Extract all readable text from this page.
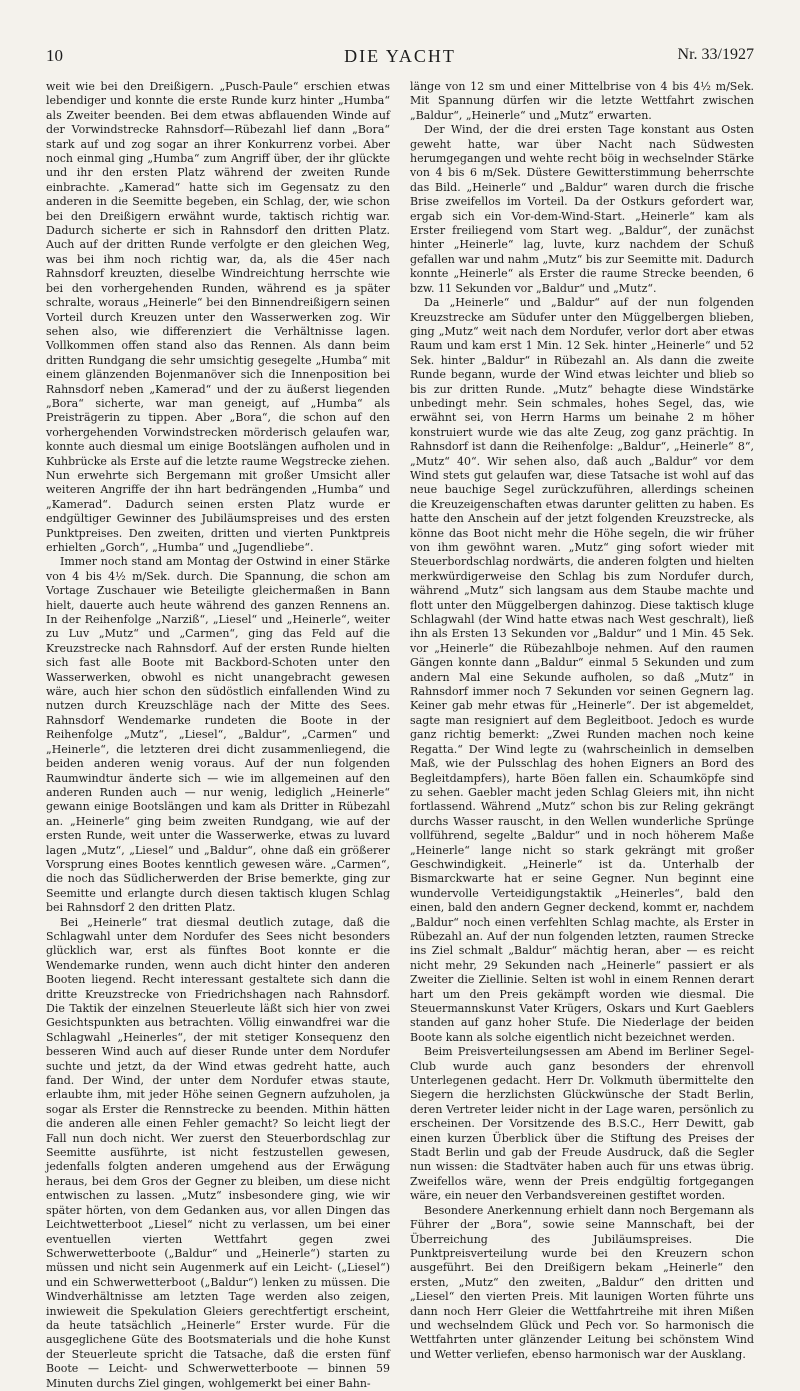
10	DIE YACHT	Nr. 33/1927

weit wie bei den Dreißigern. „Pusch-Paule“ erschien etwas lebendiger und konnte die erste Runde kurz hinter „Humba“ als Zweiter beenden. Bei dem etwas abflauenden Winde auf der Vorwindstrecke Rahnsdorf—Rübezahl lief dann „Bora“ stark auf und zog sogar an ihrer Konkurrenz vorbei. Aber noch einmal ging „Humba“ zum Angriff über, der ihr glückte und ihr den ersten Platz während der zweiten Runde einbrachte. „Kamerad“ hatte sich im Gegensatz zu den anderen in die Seemitte begeben, ein Schlag, der, wie schon bei den Dreißigern erwähnt wurde, taktisch richtig war. Dadurch sicherte er sich in Rahnsdorf den dritten Platz. Auch auf der dritten Runde verfolgte er den gleichen Weg, was bei ihm noch richtig war, da, als die 45er nach Rahnsdorf kreuzten, dieselbe Windreichtung herrschte wie bei den vorhergehenden Runden, während es ja später schralte, woraus „Heinerle“ bei den Binnendreißigern seinen Vorteil durch Kreuzen unter den Wasserwerken zog. Wir sehen also, wie differenziert die Verhältnisse lagen. Vollkommen offen stand also das Rennen. Als dann beim dritten Rundgang die sehr umsichtig gesegelte „Humba“ mit einem glänzenden Bojenmanöver sich die Innenposition bei Rahnsdorf neben „Kamerad“ und der zu äußerst liegenden „Bora“ sicherte, war man geneigt, auf „Humba“ als Preisträgerin zu tippen. Aber „Bora“, die schon auf den vorhergehenden Vorwindstrecken mörderisch gelaufen war, konnte auch diesmal um einige Bootslängen aufholen und in Kuhbrücke als Erste auf die letzte raume Wegstrecke ziehen. Nun erwehrte sich Bergemann mit großer Umsicht aller weiteren Angriffe der ihn hart bedrängenden „Humba“ und „Kamerad“. Dadurch seinen ersten Platz wurde er endgültiger Gewinner des Jubiläumspreises und des ersten Punktpreises. Den zweiten, dritten und vierten Punktpreis erhielten „Gorch“, „Humba“ und „Jugendliebe“.

Immer noch stand am Montag der Ostwind in einer Stärke von 4 bis 4½ m/Sek. durch. Die Spannung, die schon am Vortage Zuschauer wie Beteiligte gleichermaßen in Bann hielt, dauerte auch heute während des ganzen Rennens an. In der Reihenfolge „Narziß“, „Liesel“ und „Heinerle“, weiter zu Luv „Mutz“ und „Carmen“, ging das Feld auf die Kreuzstrecke nach Rahnsdorf. Auf der ersten Runde hielten sich fast alle Boote mit Backbord-Schoten unter den Wasserwerken, obwohl es nicht unangebracht gewesen wäre, auch hier schon den südöstlich einfallenden Wind zu nutzen durch Kreuzschläge nach der Mitte des Sees. Rahnsdorf Wendemarke rundeten die Boote in der Reihenfolge „Mutz“, „Liesel“, „Baldur“, „Carmen“ und „Heinerle“, die letzteren drei dicht zusammenliegend, die beiden anderen wenig voraus. Auf der nun folgenden Raumwindtur änderte sich — wie im allgemeinen auf den anderen Runden auch — nur wenig, lediglich „Heinerle“ gewann einige Bootslängen und kam als Dritter in Rübezahl an. „Heinerle“ ging beim zweiten Rundgang, wie auf der ersten Runde, weit unter die Wasserwerke, etwas zu luvard lagen „Mutz“, „Liesel“ und „Baldur“, ohne daß ein größerer Vorsprung eines Bootes kenntlich gewesen wäre. „Carmen“, die noch das Südlicherwerden der Brise bemerkte, ging zur Seemitte und erlangte durch diesen taktisch klugen Schlag bei Rahnsdorf 2 den dritten Platz.

Bei „Heinerle“ trat diesmal deutlich zutage, daß die Schlagwahl unter dem Nordufer des Sees nicht besonders glücklich war, erst als fünftes Boot konnte er die Wendemarke runden, wenn auch dicht hinter den anderen Booten liegend. Recht interessant gestaltete sich dann die dritte Kreuzstrecke von Friedrichshagen nach Rahnsdorf. Die Taktik der einzelnen Steuerleute läßt sich hier von zwei Gesichtspunkten aus betrachten. Völlig einwandfrei war die Schlagwahl „Heinerles“, der mit stetiger Konsequenz den besseren Wind auch auf dieser Runde unter dem Nordufer suchte und jetzt, da der Wind etwas gedreht hatte, auch fand. Der Wind, der unter dem Nordufer etwas staute, erlaubte ihm, mit jeder Höhe seinen Gegnern aufzuholen, ja sogar als Erster die Rennstrecke zu beenden. Mithin hätten die anderen alle einen Fehler gemacht? So leicht liegt der Fall nun doch nicht. Wer zuerst den Steuerbordschlag zur Seemitte ausführte, ist nicht festzustellen gewesen, jedenfalls folgten anderen umgehend aus der Erwägung heraus, bei dem Gros der Gegner zu bleiben, um diese nicht entwischen zu lassen. „Mutz“ insbesondere ging, wie wir später hörten, von dem Gedanken aus, vor allen Dingen das Leichtwetterboot „Liesel“ nicht zu verlassen, um bei einer eventuellen vierten Wettfahrt gegen zwei Schwerwetterboote („Baldur“ und „Heinerle“) starten zu müssen und nicht sein Augenmerk auf ein Leicht- („Liesel“) und ein Schwerwetterboot („Baldur“) lenken zu müssen. Die Windverhältnisse am letzten Tage werden also zeigen, inwieweit die Spekulation Gleiers gerechtfertigt erscheint, da heute tatsächlich „Heinerle“ Erster wurde. Für die ausgeglichene Güte des Bootsmaterials und die hohe Kunst der Steuerleute spricht die Tatsache, daß die ersten fünf Boote — Leicht- und Schwerwetterboote — binnen 59 Minuten durchs Ziel gingen, wohlgemerkt bei einer Bahn-

länge von 12 sm und einer Mittelbrise von 4 bis 4½ m/Sek. Mit Spannung dürfen wir die letzte Wettfahrt zwischen „Baldur“, „Heinerle“ und „Mutz“ erwarten.

Der Wind, der die drei ersten Tage konstant aus Osten geweht hatte, war über Nacht nach Südwesten herumgegangen und wehte recht böig in wechselnder Stärke von 4 bis 6 m/Sek. Düstere Gewitterstimmung beherrschte das Bild. „Heinerle“ und „Baldur“ waren durch die frische Brise zweifellos im Vorteil. Da der Ostkurs gefordert war, ergab sich ein Vor-dem-Wind-Start. „Heinerle“ kam als Erster freiliegend vom Start weg. „Baldur“, der zunächst hinter „Heinerle“ lag, luvte, kurz nachdem der Schuß gefallen war und nahm „Mutz“ bis zur Seemitte mit. Dadurch konnte „Heinerle“ als Erster die raume Strecke beenden, 6 bzw. 11 Sekunden vor „Baldur“ und „Mutz“.

Da „Heinerle“ und „Baldur“ auf der nun folgenden Kreuzstrecke am Südufer unter den Müggelbergen blieben, ging „Mutz“ weit nach dem Nordufer, verlor dort aber etwas Raum und kam erst 1 Min. 12 Sek. hinter „Heinerle“ und 52 Sek. hinter „Baldur“ in Rübezahl an. Als dann die zweite Runde begann, wurde der Wind etwas leichter und blieb so bis zur dritten Runde. „Mutz“ behagte diese Windstärke unbedingt mehr. Sein schmales, hohes Segel, das, wie erwähnt sei, von Herrn Harms um beinahe 2 m höher konstruiert wurde wie das alte Zeug, zog ganz prächtig. In Rahnsdorf ist dann die Reihenfolge: „Baldur“, „Heinerle“ 8“, „Mutz“ 40“. Wir sehen also, daß auch „Baldur“ vor dem Wind stets gut gelaufen war, diese Tatsache ist wohl auf das neue bauchige Segel zurückzuführen, allerdings scheinen die Kreuzeigenschaften etwas darunter gelitten zu haben. Es hatte den Anschein auf der jetzt folgenden Kreuzstrecke, als könne das Boot nicht mehr die Höhe segeln, die wir früher von ihm gewöhnt waren. „Mutz“ ging sofort wieder mit Steuerbordschlag nordwärts, die anderen folgten und hielten merkwürdigerweise den Schlag bis zum Nordufer durch, während „Mutz“ sich langsam aus dem Staube machte und flott unter den Müggelbergen dahinzog. Diese taktisch kluge Schlagwahl (der Wind hatte etwas nach West geschralt), ließ ihn als Ersten 13 Sekunden vor „Baldur“ und 1 Min. 45 Sek. vor „Heinerle“ die Rübezahlboje nehmen. Auf den raumen Gängen konnte dann „Baldur“ einmal 5 Sekunden und zum andern Mal eine Sekunde aufholen, so daß „Mutz“ in Rahnsdorf immer noch 7 Sekunden vor seinen Gegnern lag. Keiner gab mehr etwas für „Heinerle“. Der ist abgemeldet, sagte man resigniert auf dem Begleitboot. Jedoch es wurde ganz richtig bemerkt: „Zwei Runden machen noch keine Regatta.“ Der Wind legte zu (wahrscheinlich in demselben Maß, wie der Pulsschlag des hohen Eigners an Bord des Begleitdampfers), harte Böen fallen ein. Schaumköpfe sind zu sehen. Gaebler macht jeden Schlag Gleiers mit, ihn nicht fortlassend. Während „Mutz“ schon bis zur Reling gekrängt durchs Wasser rauscht, in den Wellen wunderliche Sprünge vollführend, segelte „Baldur“ und in noch höherem Maße „Heinerle“ lange nicht so stark gekrängt mit großer Geschwindigkeit. „Heinerle“ ist da. Unterhalb der Bismarckwarte hat er seine Gegner. Nun beginnt eine wundervolle Verteidigungstaktik „Heinerles“, bald den einen, bald den andern Gegner deckend, kommt er, nachdem „Baldur“ noch einen verfehlten Schlag machte, als Erster in Rübezahl an. Auf der nun folgenden letzten, raumen Strecke ins Ziel schmalt „Baldur“ mächtig heran, aber — es reicht nicht mehr, 29 Sekunden nach „Heinerle“ passiert er als Zweiter die Ziellinie. Selten ist wohl in einem Rennen derart hart um den Preis gekämpft worden wie diesmal. Die Steuermannskunst Vater Krügers, Oskars und Kurt Gaeblers standen auf ganz hoher Stufe. Die Niederlage der beiden Boote kann als solche eigentlich nicht bezeichnet werden.

Beim Preisverteilungsessen am Abend im Berliner Segel-Club wurde auch ganz besonders der ehrenvoll Unterlegenen gedacht. Herr Dr. Volkmuth übermittelte den Siegern die herzlichsten Glückwünsche der Stadt Berlin, deren Vertreter leider nicht in der Lage waren, persönlich zu erscheinen. Der Vorsitzende des B.S.C., Herr Dewitt, gab einen kurzen Überblick über die Stiftung des Preises der Stadt Berlin und gab der Freude Ausdruck, daß die Segler nun wissen: die Stadtväter haben auch für uns etwas übrig. Zweifellos wäre, wenn der Preis endgültig fortgegangen wäre, ein neuer den Verbandsvereinen gestiftet worden.

Besondere Anerkennung erhielt dann noch Bergemann als Führer der „Bora“, sowie seine Mannschaft, bei der Überreichung des Jubiläumspreises. Die Punktpreisverteilung wurde bei den Kreuzern schon ausgeführt. Bei den Dreißigern bekam „Heinerle“ den ersten, „Mutz“ den zweiten, „Baldur“ den dritten und „Liesel“ den vierten Preis. Mit launigen Worten führte uns dann noch Herr Gleier die Wettfahrtreihe mit ihren Mißen und wechselndem Glück und Pech vor. So harmonisch die Wettfahrten unter glänzender Leitung bei schönstem Wind und Wetter verliefen, ebenso harmonisch war der Ausklang.
